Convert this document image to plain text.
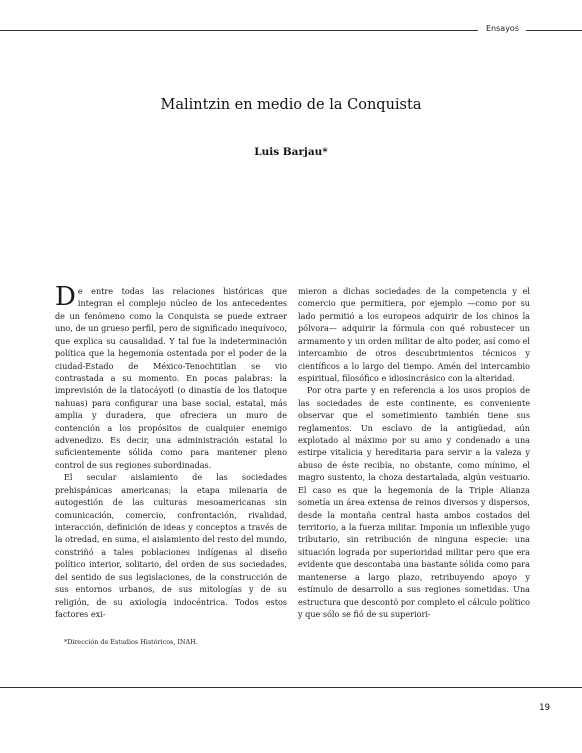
Ensayos
Malintzin en medio de la Conquista
Luis Barjau*

De entre todas las relaciones históricas que integran el complejo núcleo de los antecedentes de un fenómeno como la Conquista se puede extraer uno, de un grueso perfil, pero de significado inequívoco, que explica su causalidad. Y tal fue la indeterminación política que la hegemonía ostentada por el poder de la ciudad-Estado de México-Tenochtitlan se vio contrastada a su momento. En pocas palabras: la imprevisión de la tlatocáyotl (o dinastía de los tlatoque nahuas) para configurar una base social, estatal, más amplia y duradera, que ofreciera un muro de contención a los propósitos de cualquier enemigo advenedizo. Es decir, una administración estatal lo suficientemente sólida como para mantener pleno control de sus regiones subordinadas.

El secular aislamiento de las sociedades prehispánicas americanas; la etapa milenaria de autogestión de las culturas mesoamericanas sin comunicación, comercio, confrontación, rivalidad, interacción, definición de ideas y conceptos a través de la otredad, en suma, el aislamiento del resto del mundo, constriñó a tales poblaciones indígenas al diseño político interior, solitario, del orden de sus sociedades, del sentido de sus legislaciones, de la construcción de sus entornos urbanos, de sus mitologías y de su religión, de su axiología indocéntrica. Todos estos factores exi-

mieron a dichas sociedades de la competencia y el comercio que permitiera, por ejemplo —como por su lado permitió a los europeos adquirir de los chinos la pólvora— adquirir la fórmula con qué robustecer un armamento y un orden militar de alto poder, así como el intercambio de otros descubrimientos técnicos y científicos a lo largo del tiempo. Amén del intercambio espiritual, filosófico e idiosincrásico con la alteridad.

Por otra parte y en referencia a los usos propios de las sociedades de este continente, es conveniente observar que el sometimiento también tiene sus reglamentos. Un esclavo de la antigüedad, aún explotado al máximo por su amo y condenado a una estirpe vitalicia y hereditaria para servir a la valeza y abuso de éste recibía, no obstante, como mínimo, el magro sustento, la choza destartalada, algún vestuario. El caso es que la hegemonía de la Triple Alianza sometía un área extensa de reinos diversos y dispersos, desde la montaña central hasta ambos costados del territorio, a la fuerza militar. Imponía un inflexible yugo tributario, sin retribución de ninguna especie: una situación lograda por superioridad militar pero que era evidente que descontaba una bastante sólida como para mantenerse a largo plazo, retribuyendo apoyo y estímulo de desarrollo a sus regiones sometidas. Una estructura que descontó por completo el cálculo político y que sólo se fió de su superiori-

*Dirección de Estudios Históricos, INAH.
19
